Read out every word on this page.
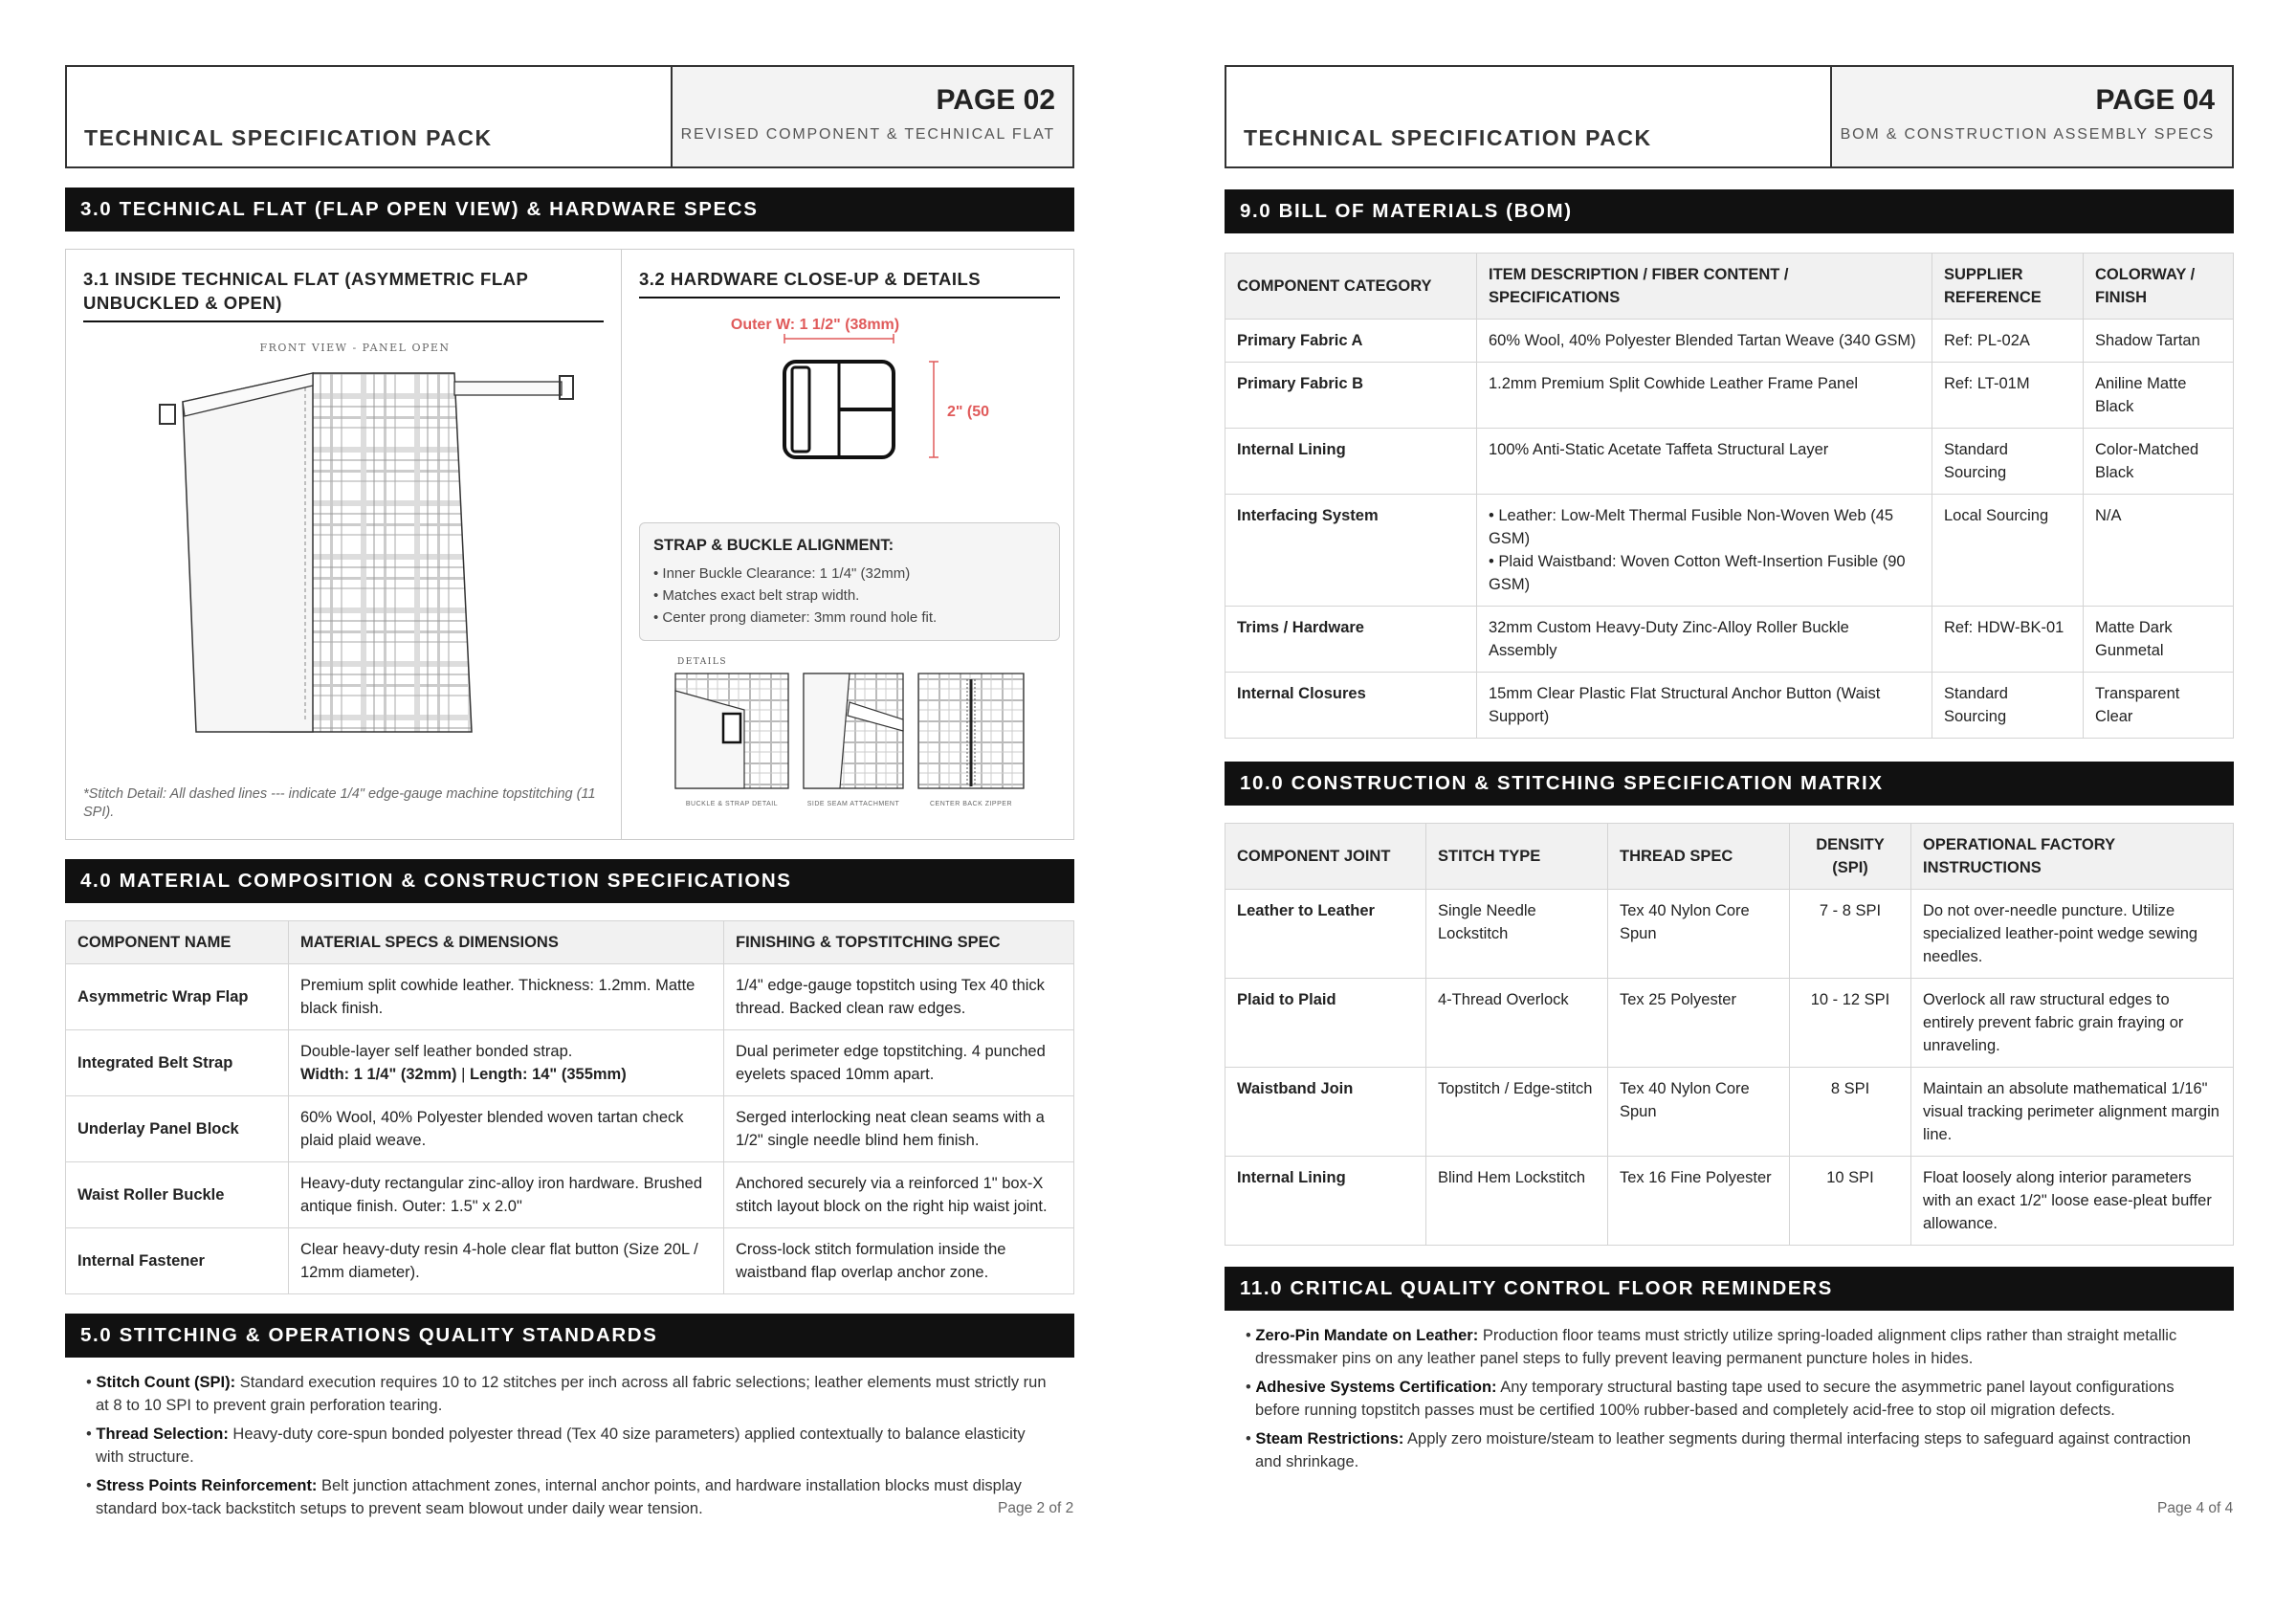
TECHNICAL SPECIFICATION PACK
PAGE 02
REVISED COMPONENT & TECHNICAL FLAT
3.0 TECHNICAL FLAT (FLAP OPEN VIEW) & HARDWARE SPECS
3.1 INSIDE TECHNICAL FLAT (ASYMMETRIC FLAP UNBUCKLED & OPEN)
FRONT VIEW - PANEL OPEN
*Stitch Detail: All dashed lines --- indicate 1/4" edge-gauge machine topstitching (11 SPI).
3.2 HARDWARE CLOSE-UP & DETAILS
Outer W: 1 1/2" (38mm)
2" (50
STRAP & BUCKLE ALIGNMENT:
• Inner Buckle Clearance: 1 1/4" (32mm)
• Matches exact belt strap width.
• Center prong diameter: 3mm round hole fit.
DETAILS
BUCKLE & STRAP DETAIL	SIDE SEAM ATTACHMENT	CENTER BACK ZIPPER
4.0 MATERIAL COMPOSITION & CONSTRUCTION SPECIFICATIONS
COMPONENT NAME	MATERIAL SPECS & DIMENSIONS	FINISHING & TOPSTITCHING SPEC
Asymmetric Wrap Flap	Premium split cowhide leather. Thickness: 1.2mm. Matte black finish.	1/4" edge-gauge topstitch using Tex 40 thick thread. Backed clean raw edges.
Integrated Belt Strap	Double-layer self leather bonded strap.
Width: 1 1/4" (32mm) | Length: 14" (355mm)	Dual perimeter edge topstitching. 4 punched eyelets spaced 10mm apart.
Underlay Panel Block	60% Wool, 40% Polyester blended woven tartan check plaid plaid weave.	Serged interlocking neat clean seams with a 1/2" single needle blind hem finish.
Waist Roller Buckle	Heavy-duty rectangular zinc-alloy iron hardware. Brushed antique finish. Outer: 1.5" x 2.0"	Anchored securely via a reinforced 1" box-X stitch layout block on the right hip waist joint.
Internal Fastener	Clear heavy-duty resin 4-hole clear flat button (Size 20L / 12mm diameter).	Cross-lock stitch formulation inside the waistband flap overlap anchor zone.
5.0 STITCHING & OPERATIONS QUALITY STANDARDS
• Stitch Count (SPI): Standard execution requires 10 to 12 stitches per inch across all fabric selections; leather elements must strictly run at 8 to 10 SPI to prevent grain perforation tearing.
• Thread Selection: Heavy-duty core-spun bonded polyester thread (Tex 40 size parameters) applied contextually to balance elasticity with structure.
• Stress Points Reinforcement: Belt junction attachment zones, internal anchor points, and hardware installation blocks must display standard box-tack backstitch setups to prevent seam blowout under daily wear tension.	Page 2 of 2
TECHNICAL SPECIFICATION PACK
PAGE 04
BOM & CONSTRUCTION ASSEMBLY SPECS
9.0 BILL OF MATERIALS (BOM)
COMPONENT CATEGORY	ITEM DESCRIPTION / FIBER CONTENT / SPECIFICATIONS	SUPPLIER REFERENCE	COLORWAY / FINISH
Primary Fabric A	60% Wool, 40% Polyester Blended Tartan Weave (340 GSM)	Ref: PL-02A	Shadow Tartan
Primary Fabric B	1.2mm Premium Split Cowhide Leather Frame Panel	Ref: LT-01M	Aniline Matte Black
Internal Lining	100% Anti-Static Acetate Taffeta Structural Layer	Standard Sourcing	Color-Matched Black
Interfacing System	• Leather: Low-Melt Thermal Fusible Non-Woven Web (45 GSM)
• Plaid Waistband: Woven Cotton Weft-Insertion Fusible (90 GSM)	Local Sourcing	N/A
Trims / Hardware	32mm Custom Heavy-Duty Zinc-Alloy Roller Buckle Assembly	Ref: HDW-BK-01	Matte Dark Gunmetal
Internal Closures	15mm Clear Plastic Flat Structural Anchor Button (Waist Support)	Standard Sourcing	Transparent Clear
10.0 CONSTRUCTION & STITCHING SPECIFICATION MATRIX
COMPONENT JOINT	STITCH TYPE	THREAD SPEC	DENSITY (SPI)	OPERATIONAL FACTORY INSTRUCTIONS
Leather to Leather	Single Needle Lockstitch	Tex 40 Nylon Core Spun	7 - 8 SPI	Do not over-needle puncture. Utilize specialized leather-point wedge sewing needles.
Plaid to Plaid	4-Thread Overlock	Tex 25 Polyester	10 - 12 SPI	Overlock all raw structural edges to entirely prevent fabric grain fraying or unraveling.
Waistband Join	Topstitch / Edge-stitch	Tex 40 Nylon Core Spun	8 SPI	Maintain an absolute mathematical 1/16" visual tracking perimeter alignment margin line.
Internal Lining	Blind Hem Lockstitch	Tex 16 Fine Polyester	10 SPI	Float loosely along interior parameters with an exact 1/2" loose ease-pleat buffer allowance.
11.0 CRITICAL QUALITY CONTROL FLOOR REMINDERS
• Zero-Pin Mandate on Leather: Production floor teams must strictly utilize spring-loaded alignment clips rather than straight metallic dressmaker pins on any leather panel steps to fully prevent leaving permanent puncture holes in hides.
• Adhesive Systems Certification: Any temporary structural basting tape used to secure the asymmetric panel layout configurations before running topstitch passes must be certified 100% rubber-based and completely acid-free to stop oil migration defects.
• Steam Restrictions: Apply zero moisture/steam to leather segments during thermal interfacing steps to safeguard against contraction and shrinkage.
Page 4 of 4
